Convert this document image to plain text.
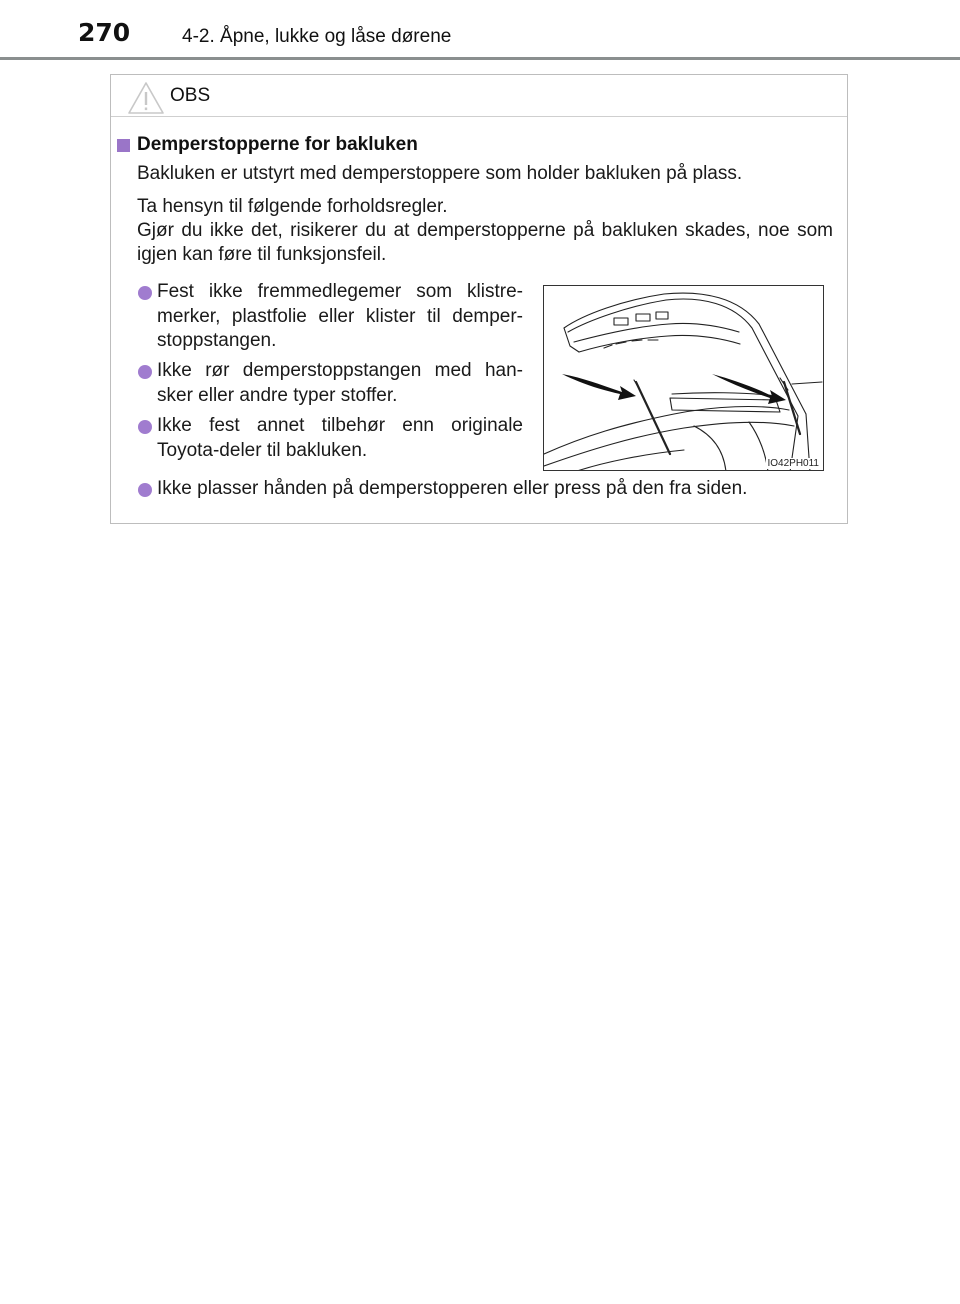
270	4-2. Åpne, lukke og låse dørene
OBS
Demperstopperne for bakluken
Bakluken er utstyrt med demperstoppere som holder bakluken på plass.
Ta hensyn til følgende forholdsregler.
Gjør du ikke det, risikerer du at demperstopperne på bakluken skades, noe som igjen kan føre til funksjonsfeil.
Fest ikke fremmedlegemer som klistre-
merker, plastfolie eller klister til demper-
stoppstangen.
Ikke rør demperstoppstangen med han-
sker eller andre typer stoffer.
Ikke fest annet tilbehør enn originale
Toyota-deler til bakluken.
IO42PH011
Ikke plasser hånden på demperstopperen eller press på den fra siden.
